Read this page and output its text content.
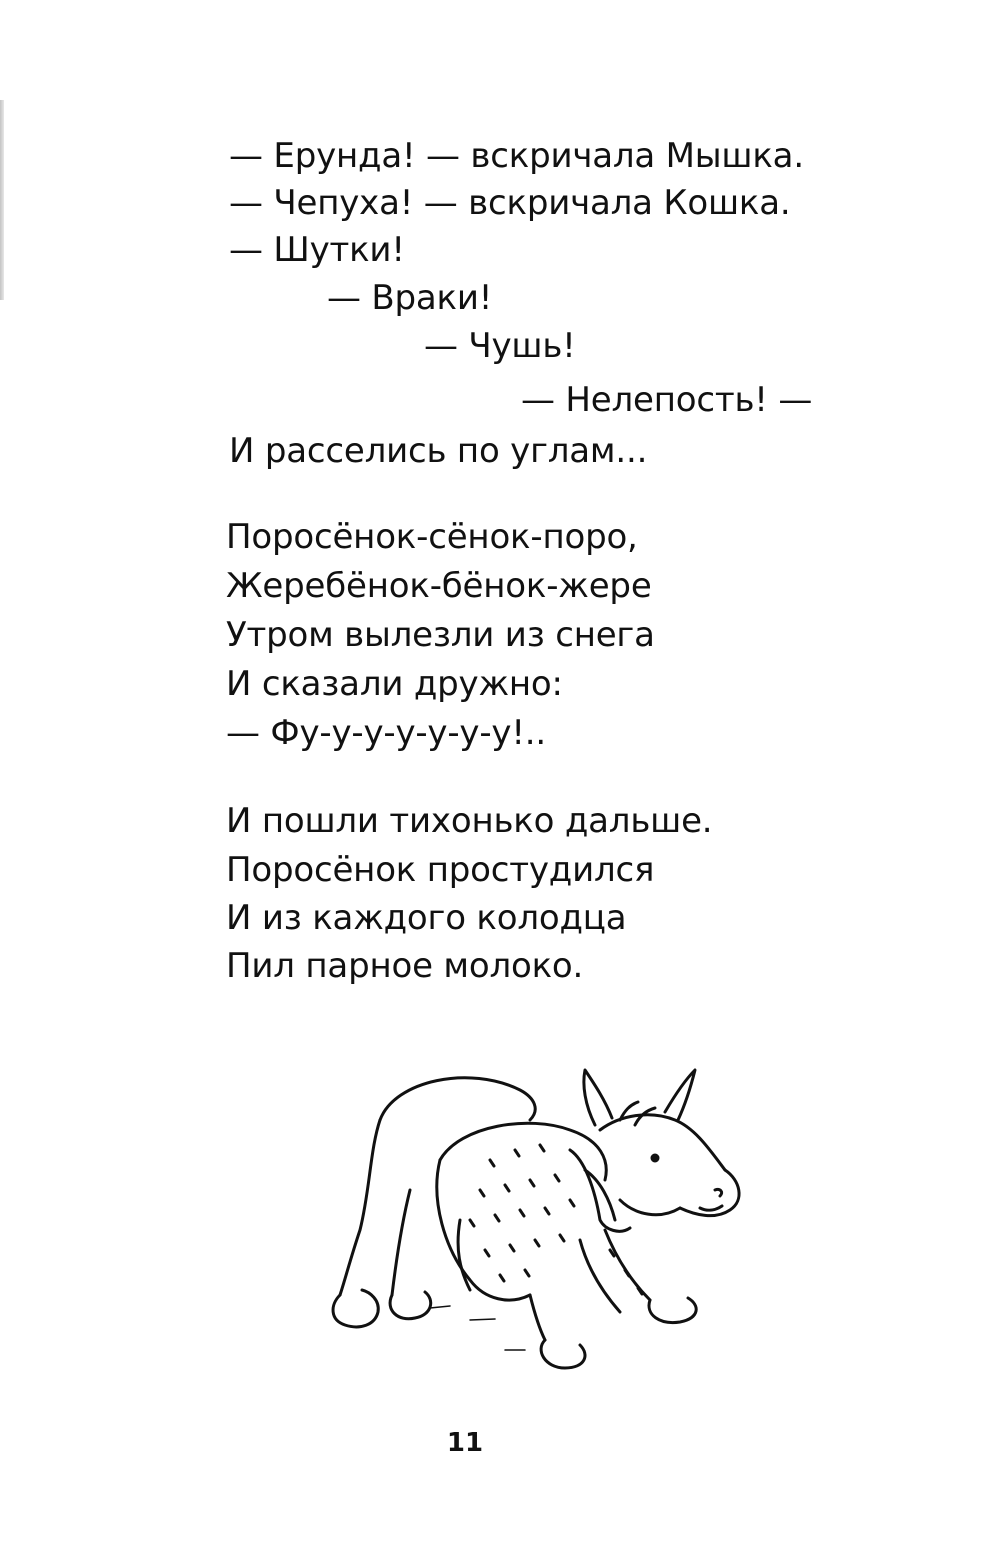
— Ерунда! — вскричала Мышка.
— Чепуха! — вскричала Кошка.
— Шутки!
— Враки!
— Чушь!
— Нелепость! —
И расселись по углам...
Поросёнок-сёнок-поро,
Жеребёнок-бёнок-жере
Утром вылезли из снега
И сказали дружно:
— Фу-у-у-у-у-у-у!..
И пошли тихонько дальше.
Поросёнок простудился
И из каждого колодца
Пил парное молоко.
11
